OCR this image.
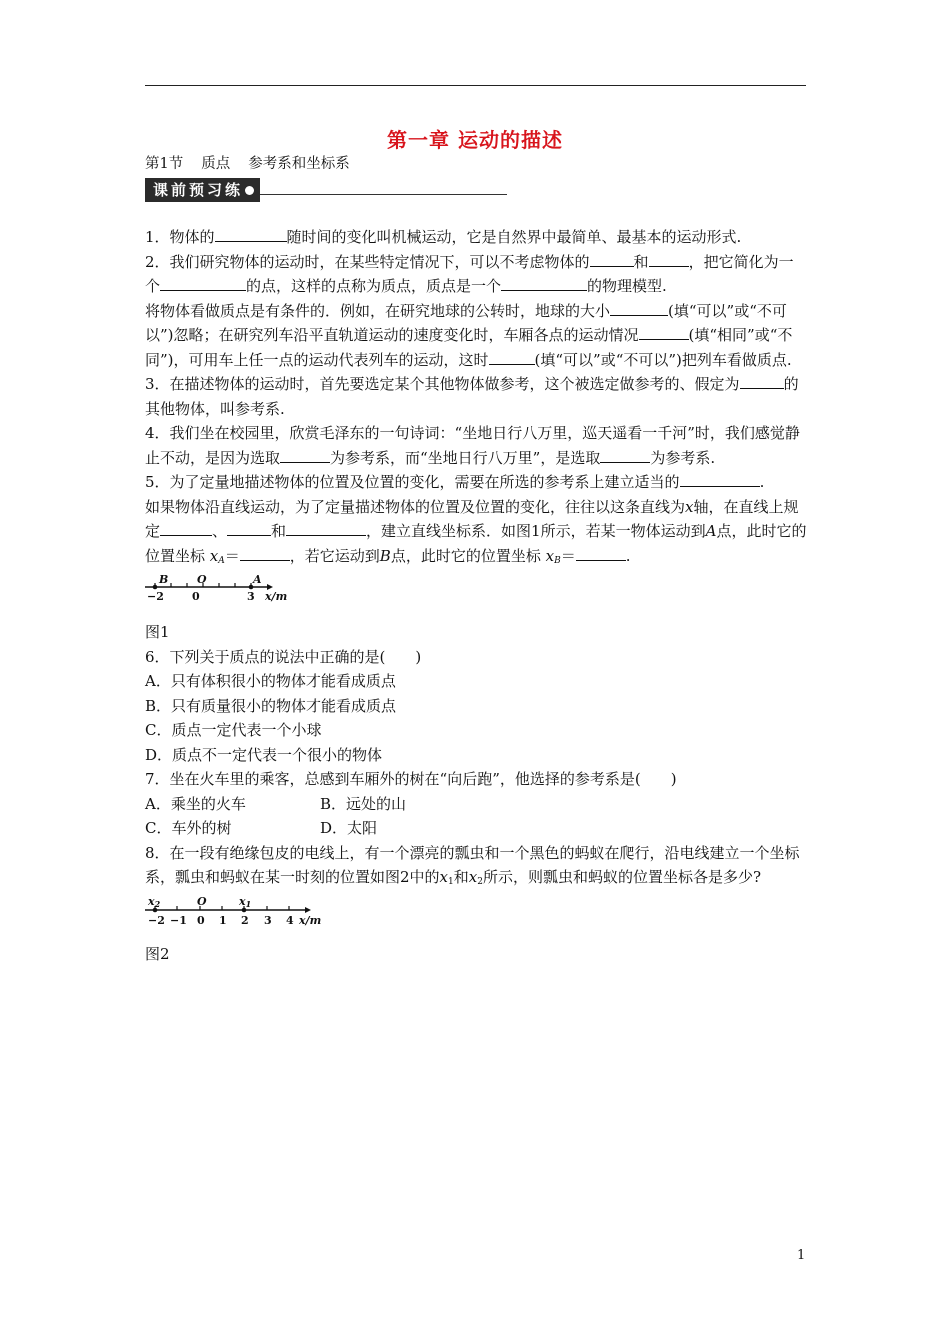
第一章 运动的描述
第1节 质点 参考系和坐标系
课前预习练

1．物体的	随时间的变化叫机械运动，它是自然界中最简单、最基本的运动形式.

2．我们研究物体的运动时，在某些特定情况下，可以不考虑物体的	和	，把它简化为一个	的点，这样的点称为质点，质点是一个	的物理模型.

将物体看做质点是有条件的．例如，在研究地球的公转时，地球的大小	(填“可以”或“不可以”)忽略；在研究列车沿平直轨道运动的速度变化时，车厢各点的运动情况	(填“相同”或“不同”)，可用车上任一点的运动代表列车的运动，这时	(填“可以”或“不可以”)把列车看做质点.

3．在描述物体的运动时，首先要选定某个其他物体做参考，这个被选定做参考的、假定为	的其他物体，叫参考系.

4．我们坐在校园里，欣赏毛泽东的一句诗词：“坐地日行八万里，巡天遥看一千河”时，我们感觉静止不动，是因为选取	为参考系，而“坐地日行八万里”，是选取	为参考系.

5．为了定量地描述物体的位置及位置的变化，需要在所选的参考系上建立适当的	.

如果物体沿直线运动，为了定量描述物体的位置及位置的变化，往往以这条直线为x轴，在直线上规定	、	和	，建立直线坐标系．如图1所示，若某一物体运动到A点，此时它的位置坐标 $x_A=$	，若它运动到B点，此时它的位置坐标 $x_B=$	.

B	O	A
−2	0	3 x/m

图1

6．下列关于质点的说法中正确的是(　　)

A．只有体积很小的物体才能看成质点

B．只有质量很小的物体才能看成质点

C．质点一定代表一个小球

D．质点不一定代表一个很小的物体

7．坐在火车里的乘客，总感到车厢外的树在“向后跑”，他选择的参考系是(　　)

A．乘坐的火车	B．远处的山

C．车外的树	D．太阳

8．在一段有绝缘包皮的电线上，有一个漂亮的瓢虫和一个黑色的蚂蚁在爬行，沿电线建立一个坐标系，瓢虫和蚂蚁在某一时刻的位置如图2中的$x_1$和$x_2$所示，则瓢虫和蚂蚁的位置坐标各是多少?

x2	O	x1
−2 −1 0 1 2 3 4 x/m

图2

1
